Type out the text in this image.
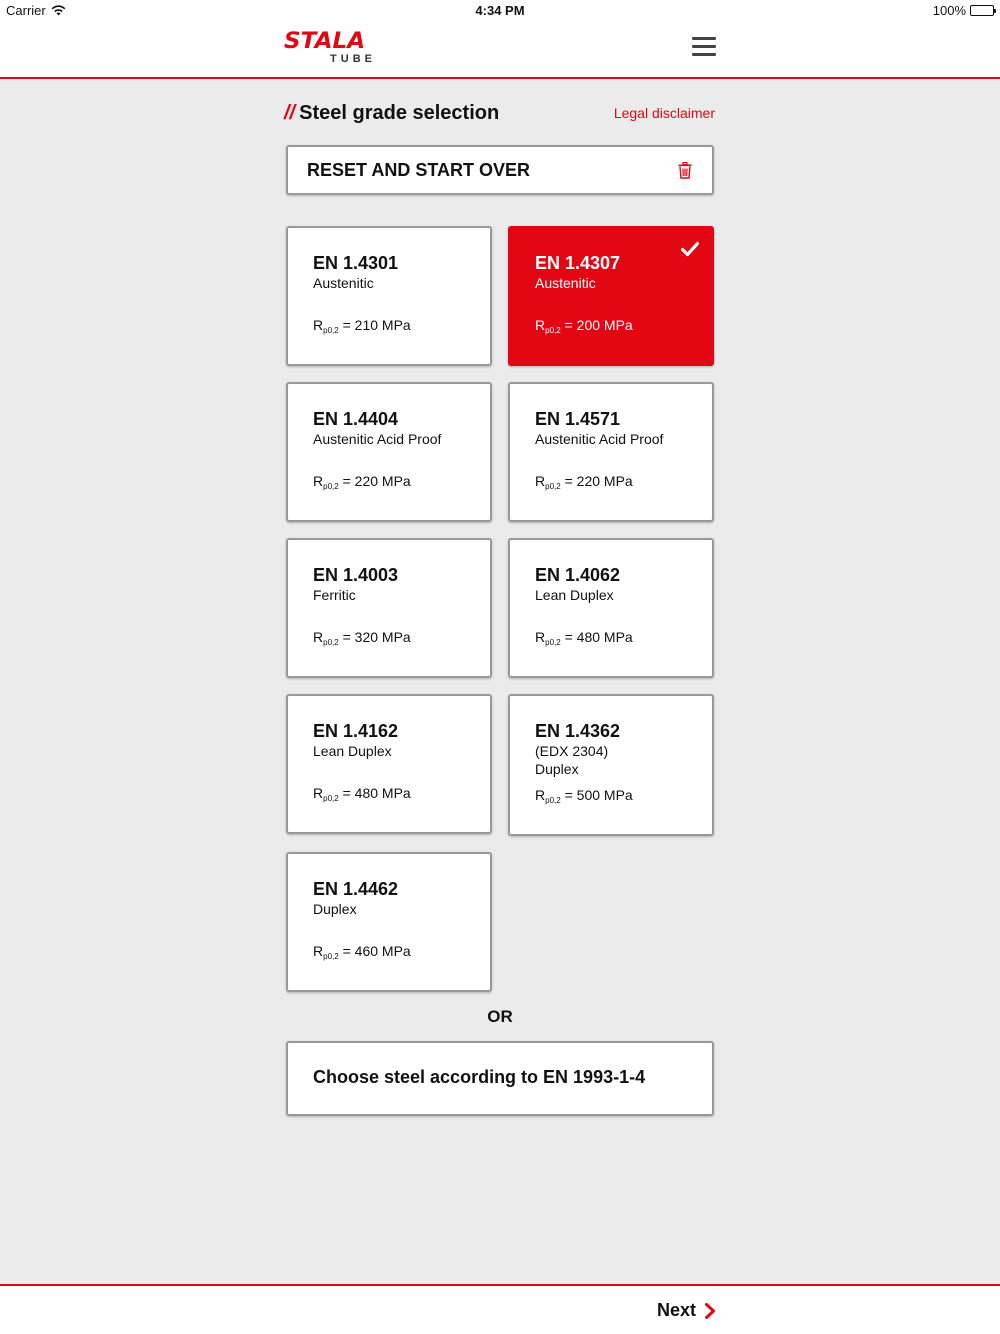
Carrier	4:34 PM	100%
STALA
TUBE
// Steel grade selection	Legal disclaimer
RESET AND START OVER
EN 1.4301
Austenitic
$R_{p0,2} = 210$ MPa
EN 1.4307
Austenitic
$R_{p0,2} = 200$ MPa
EN 1.4404
Austenitic Acid Proof
$R_{p0,2} = 220$ MPa
EN 1.4571
Austenitic Acid Proof
$R_{p0,2} = 220$ MPa
EN 1.4003
Ferritic
$R_{p0,2} = 320$ MPa
EN 1.4062
Lean Duplex
$R_{p0,2} = 480$ MPa
EN 1.4162
Lean Duplex
$R_{p0,2} = 480$ MPa
EN 1.4362
(EDX 2304)
Duplex
$R_{p0,2} = 500$ MPa
EN 1.4462
Duplex
$R_{p0,2} = 460$ MPa
OR
Choose steel according to EN 1993-1-4
Next
